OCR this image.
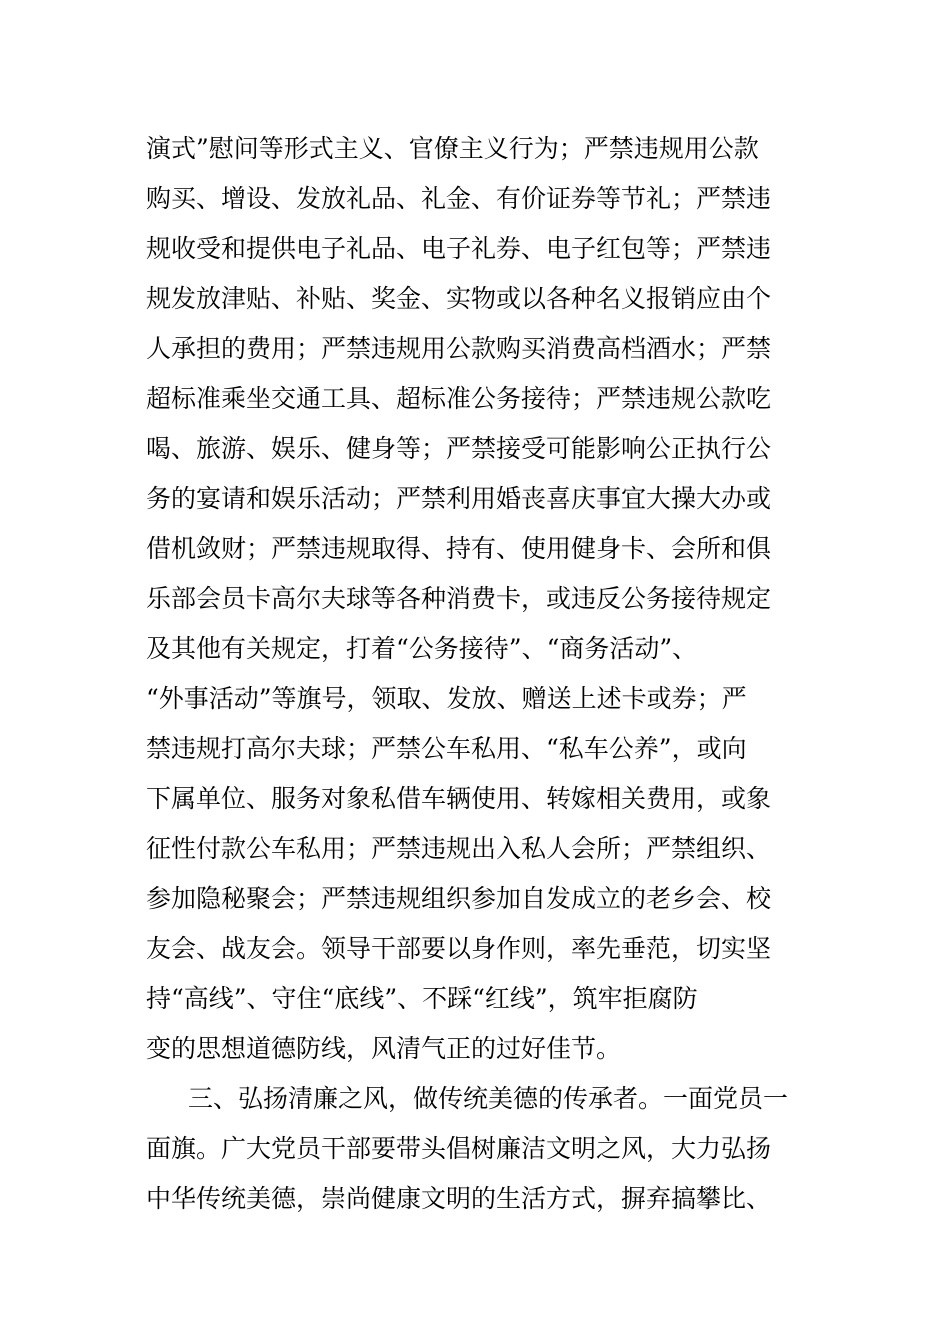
演式”慰问等形式主义、官僚主义行为；严禁违规用公款
购买、增设、发放礼品、礼金、有价证券等节礼；严禁违
规收受和提供电子礼品、电子礼券、电子红包等；严禁违
规发放津贴、补贴、奖金、实物或以各种名义报销应由个
人承担的费用；严禁违规用公款购买消费高档酒水；严禁
超标准乘坐交通工具、超标准公务接待；严禁违规公款吃
喝、旅游、娱乐、健身等；严禁接受可能影响公正执行公
务的宴请和娱乐活动；严禁利用婚丧喜庆事宜大操大办或
借机敛财；严禁违规取得、持有、使用健身卡、会所和俱
乐部会员卡高尔夫球等各种消费卡，或违反公务接待规定
及其他有关规定，打着“公务接待”、“商务活动”、
“外事活动”等旗号，领取、发放、赠送上述卡或券；严
禁违规打高尔夫球；严禁公车私用、“私车公养”，或向
下属单位、服务对象私借车辆使用、转嫁相关费用，或象
征性付款公车私用；严禁违规出入私人会所；严禁组织、
参加隐秘聚会；严禁违规组织参加自发成立的老乡会、校
友会、战友会。领导干部要以身作则，率先垂范，切实坚
持“高线”、守住“底线”、不踩“红线”，筑牢拒腐防
变的思想道德防线，风清气正的过好佳节。
三、弘扬清廉之风，做传统美德的传承者。一面党员一
面旗。广大党员干部要带头倡树廉洁文明之风，大力弘扬
中华传统美德，崇尚健康文明的生活方式，摒弃搞攀比、
